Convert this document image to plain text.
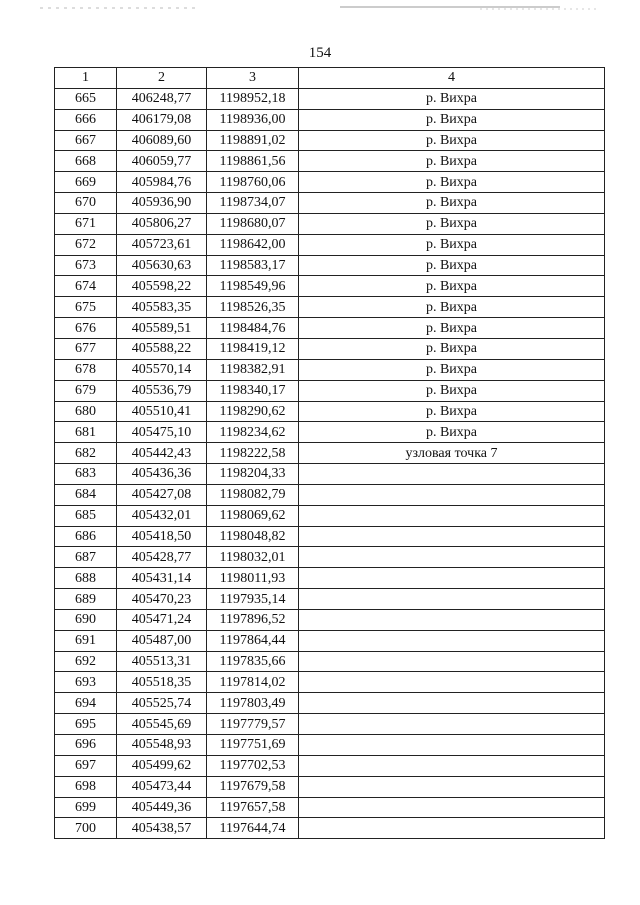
154
1	2	3	4
665	406248,77	1198952,18	р. Вихра
666	406179,08	1198936,00	р. Вихра
667	406089,60	1198891,02	р. Вихра
668	406059,77	1198861,56	р. Вихра
669	405984,76	1198760,06	р. Вихра
670	405936,90	1198734,07	р. Вихра
671	405806,27	1198680,07	р. Вихра
672	405723,61	1198642,00	р. Вихра
673	405630,63	1198583,17	р. Вихра
674	405598,22	1198549,96	р. Вихра
675	405583,35	1198526,35	р. Вихра
676	405589,51	1198484,76	р. Вихра
677	405588,22	1198419,12	р. Вихра
678	405570,14	1198382,91	р. Вихра
679	405536,79	1198340,17	р. Вихра
680	405510,41	1198290,62	р. Вихра
681	405475,10	1198234,62	р. Вихра
682	405442,43	1198222,58	узловая точка 7
683	405436,36	1198204,33	
684	405427,08	1198082,79	
685	405432,01	1198069,62	
686	405418,50	1198048,82	
687	405428,77	1198032,01	
688	405431,14	1198011,93	
689	405470,23	1197935,14	
690	405471,24	1197896,52	
691	405487,00	1197864,44	
692	405513,31	1197835,66	
693	405518,35	1197814,02	
694	405525,74	1197803,49	
695	405545,69	1197779,57	
696	405548,93	1197751,69	
697	405499,62	1197702,53	
698	405473,44	1197679,58	
699	405449,36	1197657,58	
700	405438,57	1197644,74	
